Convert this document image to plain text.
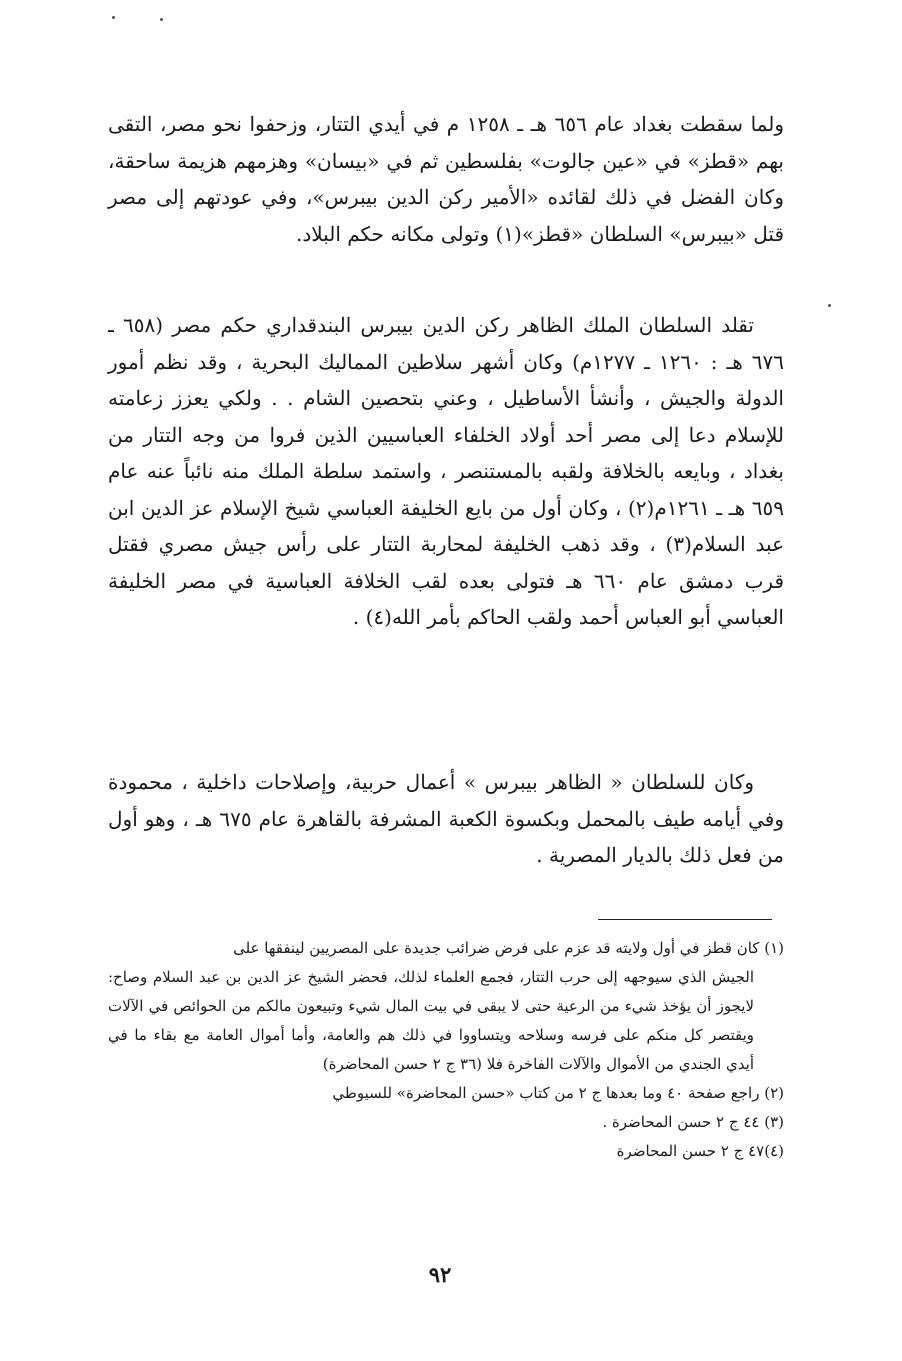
ولما سقطت بغداد عام ٦٥٦ هـ ـ ١٢٥٨ م في أيدي التتار، وزحفوا نحو مصر، التقى بهم «قطز» في «عين جالوت» بفلسطين ثم في «بيسان» وهزمهم هزيمة ساحقة، وكان الفضل في ذلك لقائده «الأمير ركن الدين بيبرس»، وفي عودتهم إلى مصر قتل «بيبرس» السلطان «قطز»(١) وتولى مكانه حكم البلاد.

تقلد السلطان الملك الظاهر ركن الدين بيبرس البندقداري حكم مصر (٦٥٨ ـ ٦٧٦ هـ : ١٢٦٠ ـ ١٢٧٧م) وكان أشهر سلاطين المماليك البحرية ، وقد نظم أمور الدولة والجيش ، وأنشأ الأساطيل ، وعني بتحصين الشام . . ولكي يعزز زعامته للإسلام دعا إلى مصر أحد أولاد الخلفاء العباسيين الذين فروا من وجه التتار من بغداد ، وبايعه بالخلافة ولقبه بالمستنصر ، واستمد سلطة الملك منه نائباً عنه عام ٦٥٩ هـ ـ ١٢٦١م(٢) ، وكان أول من بايع الخليفة العباسي شيخ الإسلام عز الدين ابن عبد السلام(٣) ، وقد ذهب الخليفة لمحاربة التتار على رأس جيش مصري فقتل قرب دمشق عام ٦٦٠ هـ فتولى بعده لقب الخلافة العباسية في مصر الخليفة العباسي أبو العباس أحمد ولقب الحاكم بأمر الله(٤) .

وكان للسلطان « الظاهر بيبرس » أعمال حربية، وإصلاحات داخلية ، محمودة وفي أيامه طيف بالمحمل وبكسوة الكعبة المشرفة بالقاهرة عام ٦٧٥ هـ ، وهو أول من فعل ذلك بالديار المصرية .

(١) كان قطز في أول ولايته قد عزم على فرض ضرائب جديدة على المصريين لينفقها على

الجيش الذي سيوجهه إلى حرب التتار، فجمع العلماء لذلك، فحضر الشيخ عز الدين بن عبد السلام وصاح: لايجوز أن يؤخذ شيء من الرعية حتى لا يبقى في بيت المال شيء وتبيعون مالكم من الحوائص في الآلات ويقتصر كل منكم على فرسه وسلاحه ويتساووا في ذلك هم والعامة، وأما أموال العامة مع بقاء ما في أيدي الجندي من الأموال والآلات الفاخرة فلا (٣٦ ج ٢ حسن المحاضرة)

(٢) راجع صفحة ٤٠ وما بعدها ج ٢ من كتاب «حسن المحاضرة» للسيوطي

(٣) ٤٤ ج ٢ حسن المحاضرة .

(٤)٤٧ ج ٢ حسن المحاضرة

٩٢
